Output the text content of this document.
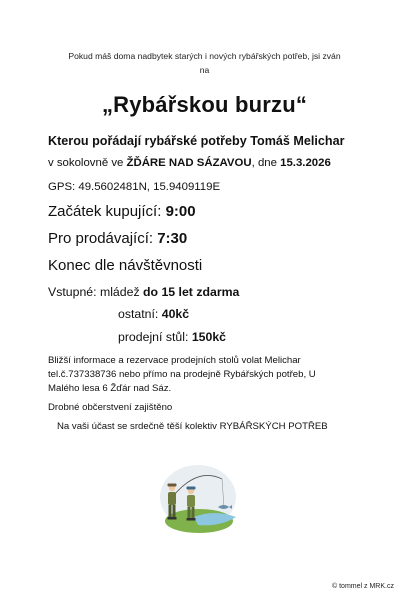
Pokud máš doma nadbytek starých i nových rybářských potřeb, jsi zván
na
„Rybářskou burzu“
Kterou pořádají rybářské potřeby Tomáš Melichar
v sokolovně ve ŽĎÁRE NAD SÁZAVOU, dne 15.3.2026
GPS: 49.5602481N, 15.9409119E
Začátek kupující: 9:00
Pro prodávající: 7:30
Konec dle návštěvnosti
Vstupné: mládež do 15 let zdarma
ostatní: 40kč
prodejní stůl: 150kč
Bližší informace a rezervace prodejních stolů volat Melichar
tel.č.737338736 nebo přímo na prodejně Rybářských potřeb, U
Malého lesa 6 Žďár nad Sáz.
Drobné občerstvení zajištěno
Na vaši účast se srdečně těší kolektiv RYBÁŘSKÝCH POTŘEB
© tommel z MRK.cz
